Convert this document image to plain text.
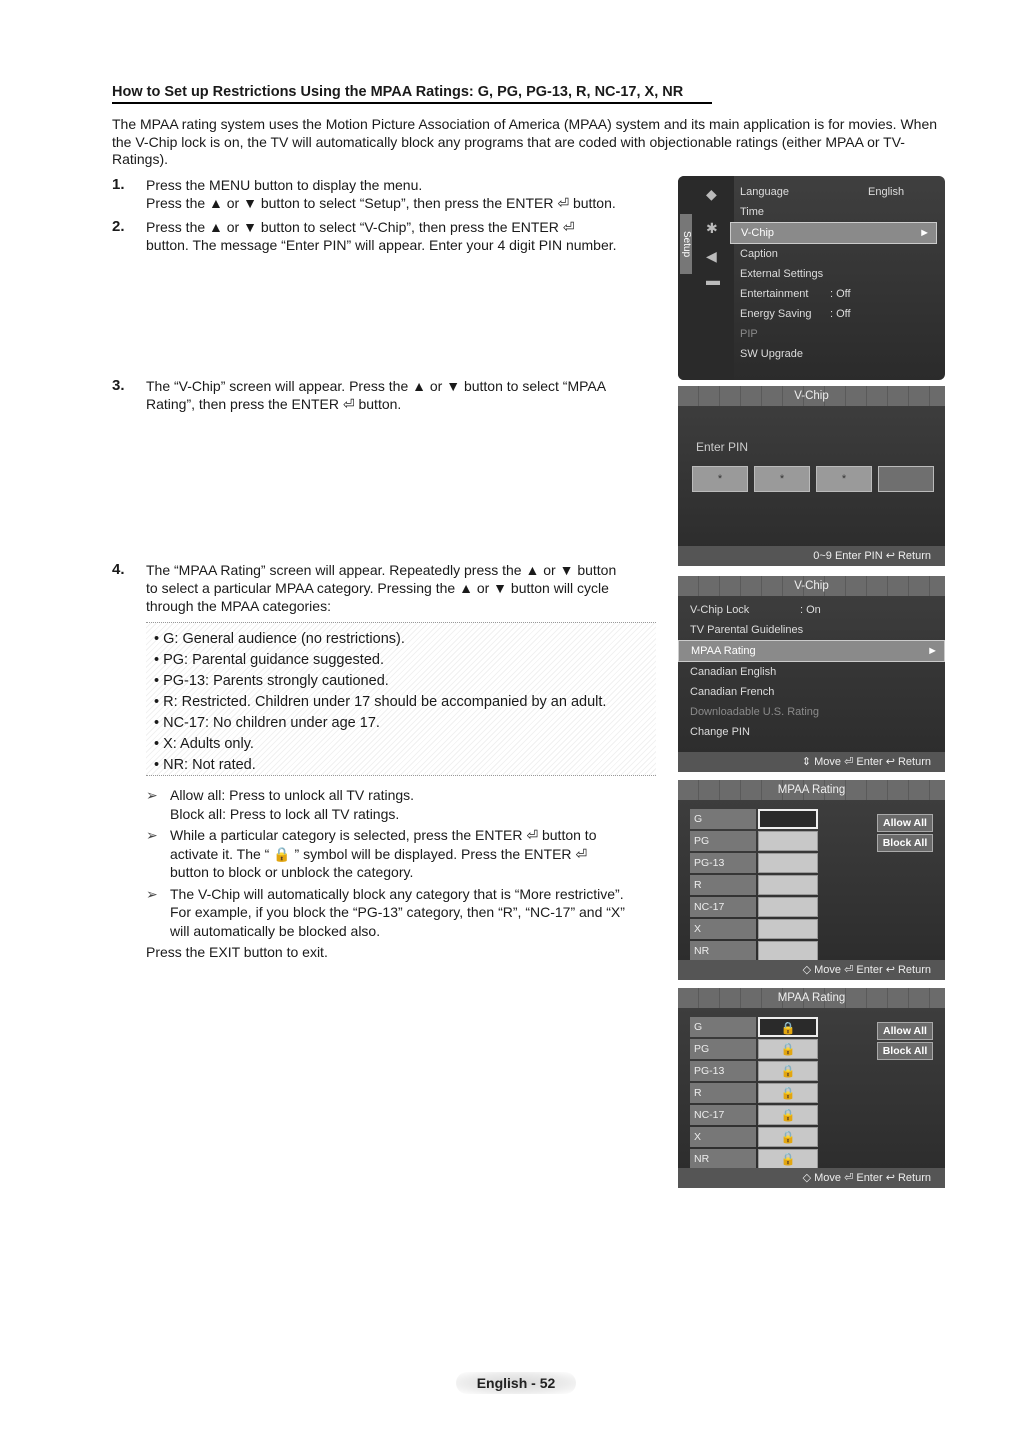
How to Set up Restrictions Using the MPAA Ratings: G, PG, PG-13, R, NC-17, X, NR

The MPAA rating system uses the Motion Picture Association of America (MPAA) system and its main application is for movies. When the V-Chip lock is on, the TV will automatically block any programs that are coded with objectionable ratings (either MPAA or TV-Ratings).

1. Press the MENU button to display the menu.
Press the ▲ or ▼ button to select “Setup”, then press the ENTER ⏎ button.
2. Press the ▲ or ▼ button to select “V-Chip”, then press the ENTER ⏎
button. The message “Enter PIN” will appear. Enter your 4 digit PIN number.
3. The “V-Chip” screen will appear. Press the ▲ or ▼ button to select “MPAA
Rating”, then press the ENTER ⏎ button.
4. The “MPAA Rating” screen will appear. Repeatedly press the ▲ or ▼ button
to select a particular MPAA category. Pressing the ▲ or ▼ button will cycle
through the MPAA categories:
• G: General audience (no restrictions).
• PG: Parental guidance suggested.
• PG-13: Parents strongly cautioned.
• R: Restricted. Children under 17 should be accompanied by an adult.
• NC-17: No children under age 17.
• X: Adults only.
• NR: Not rated.
➢ Allow all: Press to unlock all TV ratings.
Block all: Press to lock all TV ratings.
➢ While a particular category is selected, press the ENTER ⏎ button to
activate it. The “ 🔒 ” symbol will be displayed. Press the ENTER ⏎
button to block or unblock the category.
➢ The V-Chip will automatically block any category that is “More restrictive”.
For example, if you block the “PG-13” category, then “R”, “NC-17” and “X”
will automatically be blocked also.
Press the EXIT button to exit.
Setup
◆
✱
◀
▬
Language	English
Time
V-Chip	►
Caption
External Settings
Entertainment : Off
Energy Saving : Off
PIP
SW Upgrade
V-Chip
Enter PIN
*	*	*
0~9 Enter PIN ↩ Return
V-Chip
V-Chip Lock	: On
TV Parental Guidelines
MPAA Rating	►
Canadian English
Canadian French
Downloadable U.S. Rating
Change PIN
⇕ Move ⏎ Enter ↩ Return
MPAA Rating
G
PG
PG-13
R
NC-17
X
NR
Allow All
Block All
◇ Move ⏎ Enter ↩ Return
MPAA Rating
G	🔒
PG	🔒
PG-13	🔒
R	🔒
NC-17	🔒
X	🔒
NR	🔒
Allow All
Block All
◇ Move ⏎ Enter ↩ Return
English - 52
